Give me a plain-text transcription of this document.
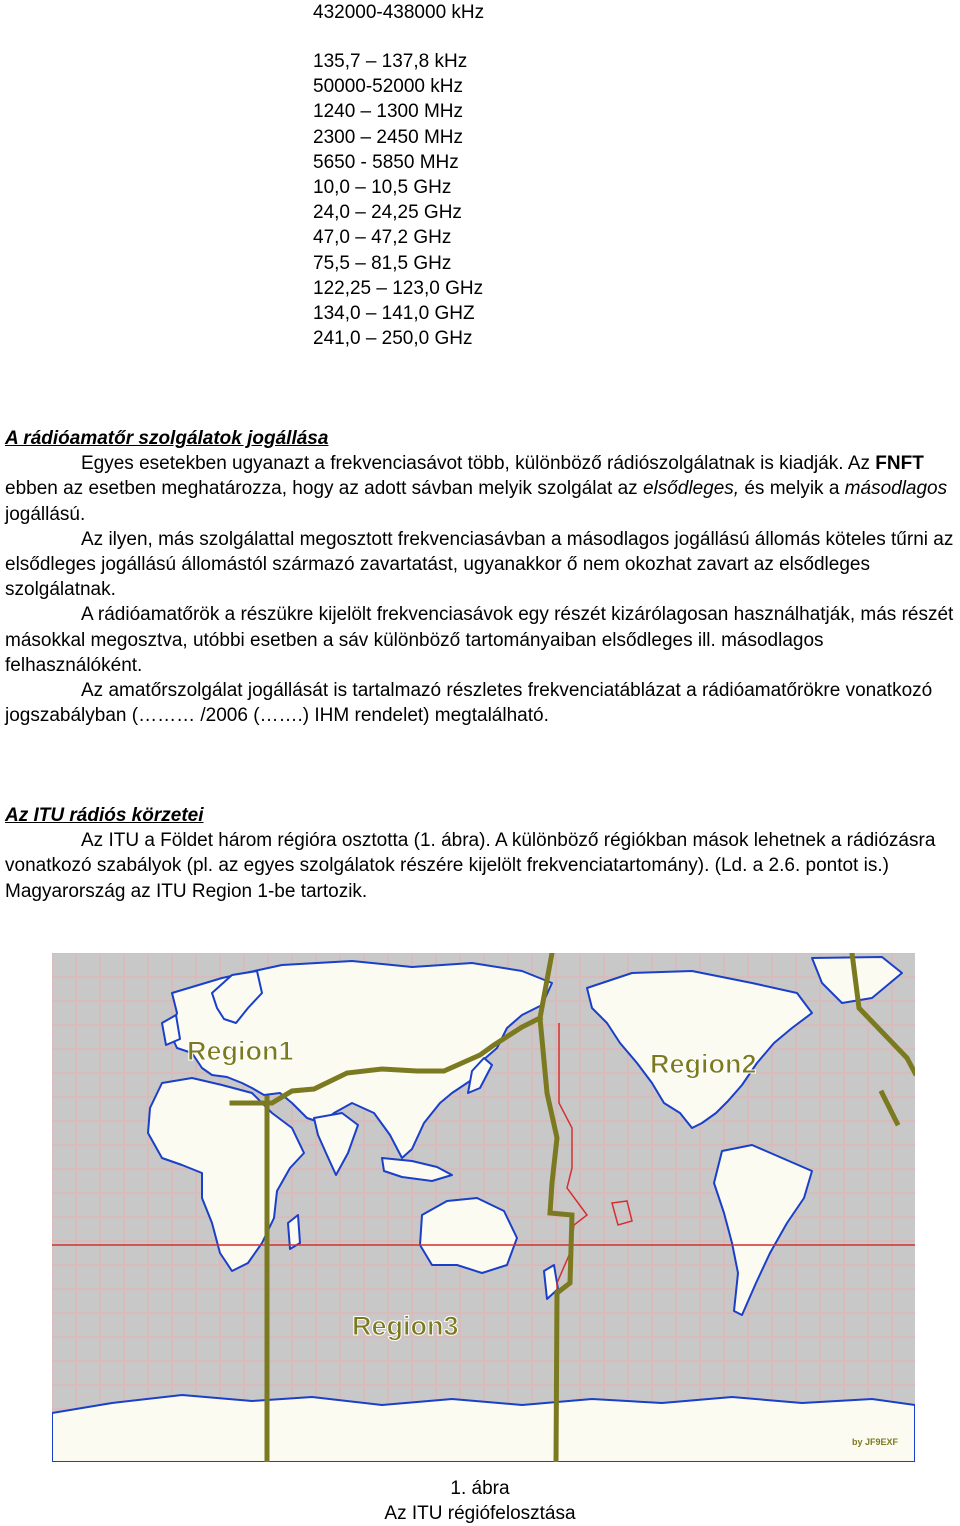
432000-438000 kHz
135,7 – 137,8 kHz
50000-52000 kHz
1240 – 1300 MHz
2300 – 2450 MHz
5650 - 5850 MHz
10,0 – 10,5 GHz
24,0 – 24,25 GHz
47,0 – 47,2 GHz
75,5 – 81,5 GHz
122,25 – 123,0 GHz
134,0 – 141,0 GHZ
241,0 – 250,0 GHz
A rádióamatőr szolgálatok jogállása
Egyes esetekben ugyanazt a frekvenciasávot több, különböző rádiószolgálatnak is kiadják. Az FNFT ebben az esetben meghatározza, hogy az adott sávban melyik szolgálat az elsődleges, és melyik a másodlagos jogállású.
Az ilyen, más szolgálattal megosztott frekvenciasávban a másodlagos jogállású állomás köteles tűrni az elsődleges jogállású állomástól származó zavartatást, ugyanakkor ő nem okozhat zavart az elsődleges szolgálatnak.
A rádióamatőrök a részükre kijelölt frekvenciasávok egy részét kizárólagosan használhatják, más részét másokkal megosztva, utóbbi esetben a sáv különböző tartományaiban elsődleges ill. másodlagos felhasználóként.
Az amatőrszolgálat jogállását is tartalmazó részletes frekvenciatáblázat a rádióamatőrökre vonatkozó jogszabályban (……… /2006 (…….) IHM rendelet) megtalálható.
Az ITU rádiós körzetei
Az ITU a Földet három régióra osztotta (1. ábra). A különböző régiókban mások lehetnek a rádiózásra vonatkozó szabályok (pl. az egyes szolgálatok részére kijelölt frekvenciatartomány). (Ld. a 2.6. pontot is.) Magyarország az ITU Region 1-be tartozik.
Region1	Region2
Region3
by JF9EXF
1. ábra
Az ITU régiófelosztása
